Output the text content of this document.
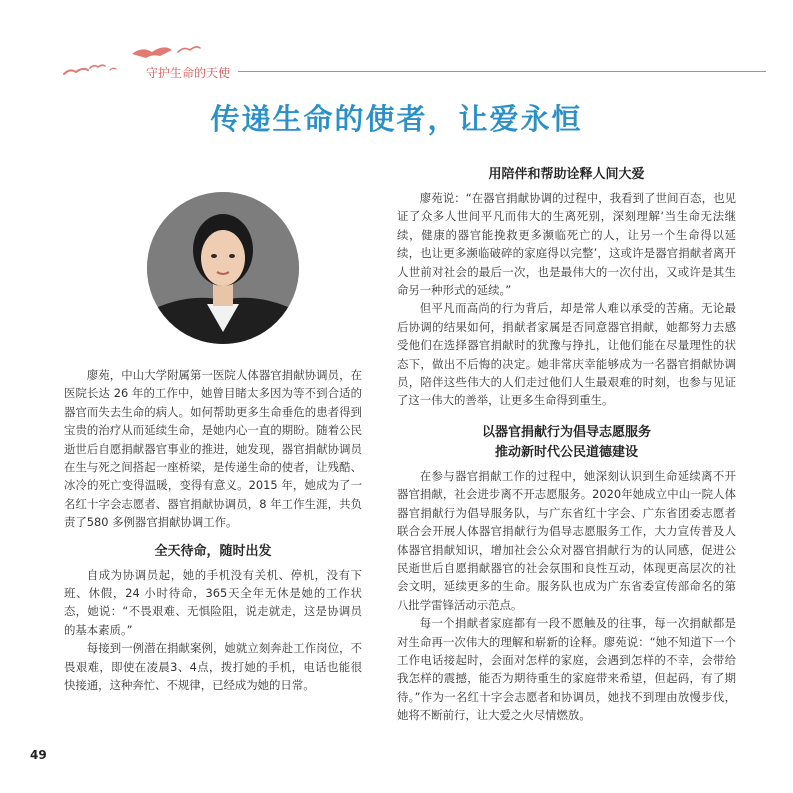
守护生命的天使
传递生命的使者，让爱永恒

廖苑，中山大学附属第一医院人体器官捐献协调员，在医院长达 26 年的工作中，她曾目睹太多因为等不到合适的器官而失去生命的病人。如何帮助更多生命垂危的患者得到宝贵的治疗从而延续生命，是她内心一直的期盼。随着公民逝世后自愿捐献器官事业的推进，她发现，器官捐献协调员在生与死之间搭起一座桥梁，是传递生命的使者，让残酷、冰冷的死亡变得温暖，变得有意义。2015 年，她成为了一名红十字会志愿者、器官捐献协调员，8 年工作生涯，共负责了580 多例器官捐献协调工作。

全天待命，随时出发

自成为协调员起，她的手机没有关机、停机，没有下班、休假，24 小时待命，365天全年无休是她的工作状态，她说：“不畏艰难、无惧险阻，说走就走，这是协调员的基本素质。”

每接到一例潜在捐献案例，她就立刻奔赴工作岗位，不畏艰难，即使在凌晨3、4点，拨打她的手机，电话也能很快接通，这种奔忙、不规律，已经成为她的日常。

用陪伴和帮助诠释人间大爱

廖苑说：“在器官捐献协调的过程中，我看到了世间百态，也见证了众多人世间平凡而伟大的生离死别，深刻理解‘当生命无法继续，健康的器官能挽救更多濒临死亡的人，让另一个生命得以延续，也让更多濒临破碎的家庭得以完整’，这或许是器官捐献者离开人世前对社会的最后一次，也是最伟大的一次付出，又或许是其生命另一种形式的延续。”

但平凡而高尚的行为背后，却是常人难以承受的苦痛。无论最后协调的结果如何，捐献者家属是否同意器官捐献，她都努力去感受他们在选择器官捐献时的犹豫与挣扎，让他们能在尽量理性的状态下，做出不后悔的决定。她非常庆幸能够成为一名器官捐献协调员，陪伴这些伟大的人们走过他们人生最艰难的时刻，也参与见证了这一伟大的善举，让更多生命得到重生。

以器官捐献行为倡导志愿服务
推动新时代公民道德建设

在参与器官捐献工作的过程中，她深刻认识到生命延续离不开器官捐献，社会进步离不开志愿服务。2020年她成立中山一院人体器官捐献行为倡导服务队，与广东省红十字会、广东省团委志愿者联合会开展人体器官捐献行为倡导志愿服务工作，大力宣传普及人体器官捐献知识，增加社会公众对器官捐献行为的认同感，促进公民逝世后自愿捐献器官的社会氛围和良性互动，体现更高层次的社会文明，延续更多的生命。服务队也成为广东省委宣传部命名的第八批学雷锋活动示范点。

每一个捐献者家庭都有一段不愿触及的往事，每一次捐献都是对生命再一次伟大的理解和崭新的诠释。廖苑说：“她不知道下一个工作电话接起时，会面对怎样的家庭，会遇到怎样的不幸，会带给我怎样的震撼，能否为期待重生的家庭带来希望，但起码，有了期待。”作为一名红十字会志愿者和协调员，她找不到理由放慢步伐，她将不断前行，让大爱之火尽情燃放。

49
